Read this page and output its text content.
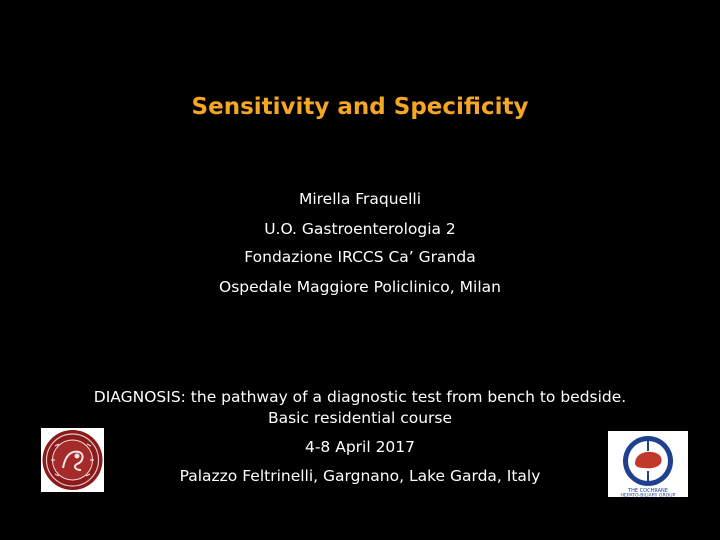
Sensitivity and Specificity
Mirella Fraquelli
U.O. Gastroenterologia 2
Fondazione IRCCS Ca’ Granda
Ospedale Maggiore Policlinico, Milan
DIAGNOSIS: the pathway of a diagnostic test from bench to bedside.
Basic residential course
4-8 April 2017
Palazzo Feltrinelli, Gargnano, Lake Garda, Italy
THE COCHRANE
HEPATO-BILIARY GROUP
